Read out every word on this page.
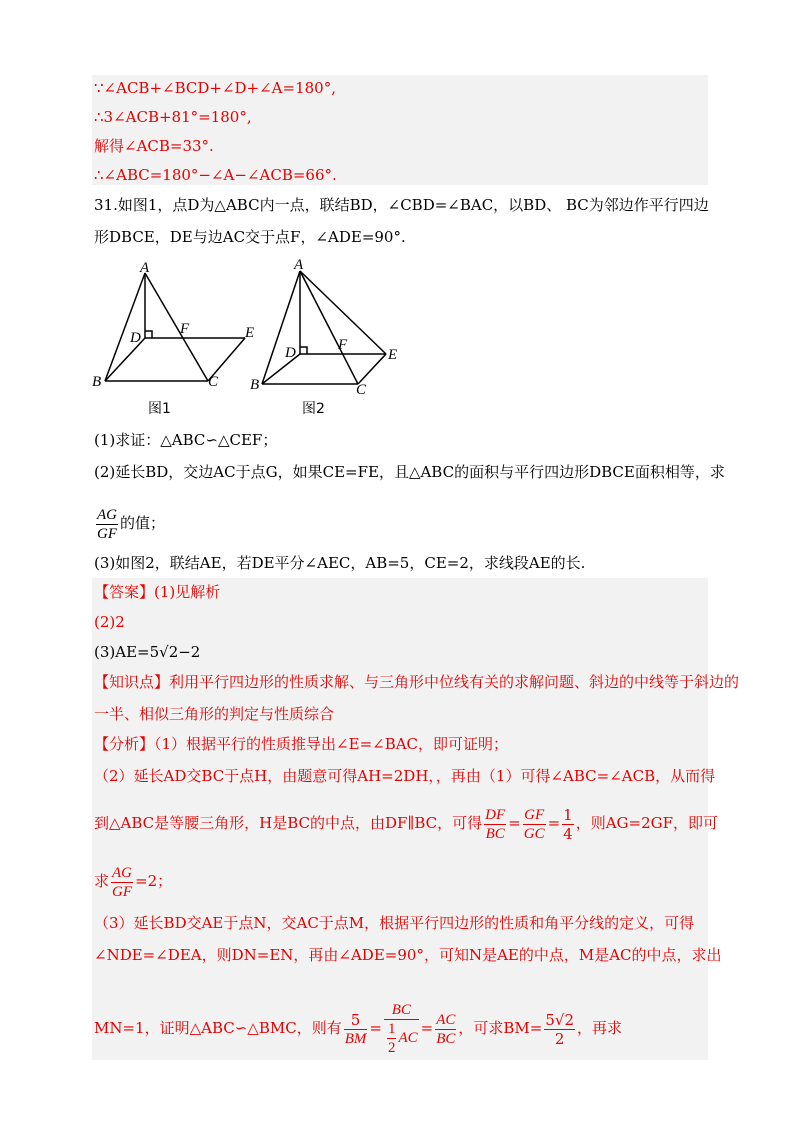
∵∠ACB+∠BCD+∠D+∠A=180°,
∴3∠ACB+81°=180°,
解得∠ACB=33°.
∴∠ABC=180°−∠A−∠ACB=66°.
31.如图1，点D为△ABC内一点，联结BD，∠CBD=∠BAC，以BD、 BC为邻边作平行四边
形DBCE，DE与边AC交于点F，∠ADE=90°.
A
B	C
D	E
F
图1
A
B	C
D	E
F
图2
(1)求证：△ABC∽△CEF；
(2)延长BD，交边AC于点G，如果CE=FE，且△ABC的面积与平行四边形DBCE面积相等，求
$\frac{AG}{GF}$ 的值；
(3)如图2，联结AE，若DE平分∠AEC，AB=5，CE=2，求线段AE的长.
【答案】(1)见解析
(2)2
(3)AE=5√2−2
【知识点】利用平行四边形的性质求解、与三角形中位线有关的求解问题、斜边的中线等于斜边的
一半、相似三角形的判定与性质综合
【分析】（1）根据平行的性质推导出∠E=∠BAC，即可证明；
（2）延长AD交BC于点H，由题意可得AH=2DH，，再由（1）可得∠ABC=∠ACB，从而得
到△ABC是等腰三角形，H是BC的中点，由DF∥BC，可得 $\frac{DF}{BC} = \frac{GF}{GC} = \frac{1}{4}$ ，则AG=2GF，即可
求 $\frac{AG}{GF} =2$；
（3）延长BD交AE于点N，交AC于点M，根据平行四边形的性质和角平分线的定义，可得
∠NDE=∠DEA，则DN=EN，再由∠ADE=90°，可知N是AE的中点，M是AC的中点，求出
MN=1，证明△ABC∽△BMC，则有 $\frac{5}{BM} = \frac{BC}{\frac{1}{2} AC} = \frac{AC}{BC}$ ，可求$BM= \frac{5√2}{2}$ ，再求
